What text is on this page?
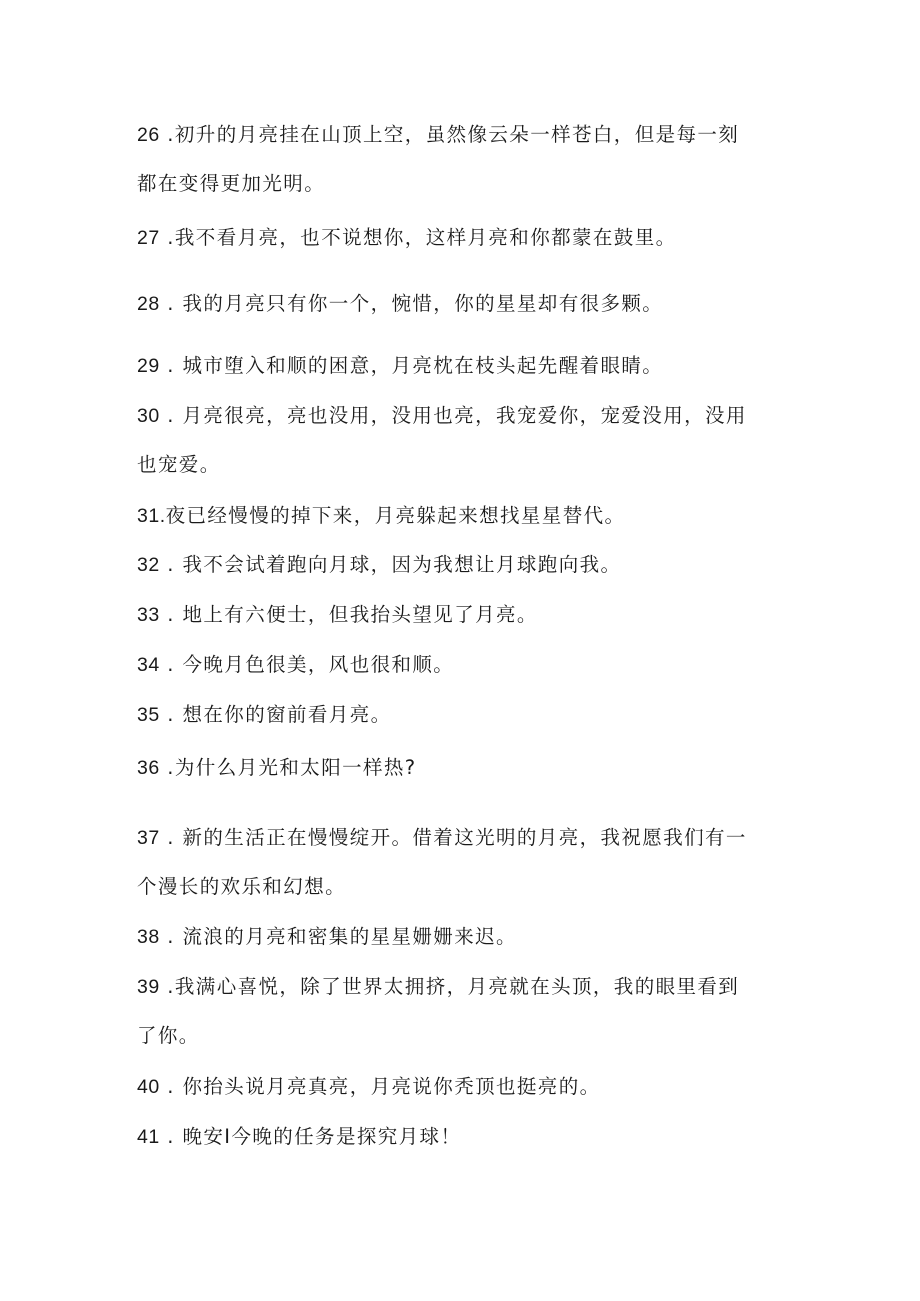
26 .初升的月亮挂在山顶上空，虽然像云朵一样苍白，但是每一刻
都在变得更加光明。
27 .我不看月亮，也不说想你，这样月亮和你都蒙在鼓里。
28 . 我的月亮只有你一个，惋惜，你的星星却有很多颗。
29 . 城市堕入和顺的困意，月亮枕在枝头起先醒着眼睛。
30 . 月亮很亮，亮也没用，没用也亮，我宠爱你，宠爱没用，没用
也宠爱。
31.夜已经慢慢的掉下来，月亮躲起来想找星星替代。
32 . 我不会试着跑向月球，因为我想让月球跑向我。
33 . 地上有六便士，但我抬头望见了月亮。
34 . 今晚月色很美，风也很和顺。
35 . 想在你的窗前看月亮。
36 .为什么月光和太阳一样热?
37 . 新的生活正在慢慢绽开。借着这光明的月亮，我祝愿我们有一
个漫长的欢乐和幻想。
38 . 流浪的月亮和密集的星星姗姗来迟。
39 .我满心喜悦，除了世界太拥挤，月亮就在头顶，我的眼里看到
了你。
40 . 你抬头说月亮真亮，月亮说你秃顶也挺亮的。
41 . 晚安I今晚的任务是探究月球！
